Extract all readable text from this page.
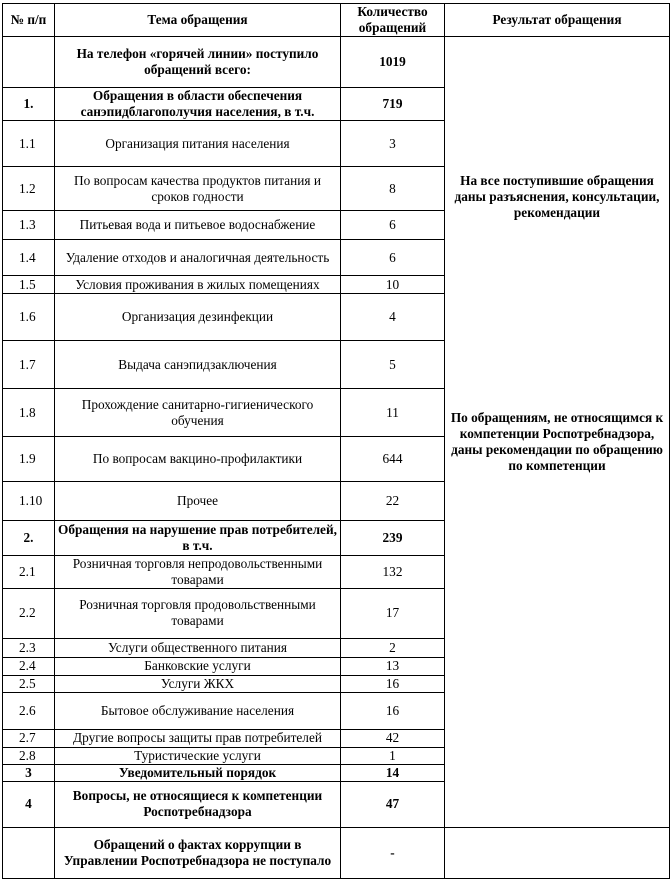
№ п/п	Тема обращения	Количество обращений	Результат обращения
	На телефон «горячей линии» поступило обращений всего:	1019	На все поступившие обращения даны разъяснения, консультации, рекомендации
По обращениям, не относящимся к компетенции Роспотребнадзора, даны рекомендации по обращению по компетенции

1.	Обращения в области обеспечения санэпидблагополучия населения, в т.ч.	719	
1.1	Организация питания населения	3	
1.2	По вопросам качества продуктов питания и сроков годности	8	
1.3	Питьевая вода и питьевое водоснабжение	6	
1.4	Удаление отходов и аналогичная деятельность	6	
1.5	Условия проживания в жилых помещениях	10	
1.6	Организация дезинфекции	4	
1.7	Выдача санэпидзаключения	5	
1.8	Прохождение санитарно-гигиенического обучения	11	
1.9	По вопросам вакцино-профилактики	644	
1.10	Прочее	22	
2.	Обращения на нарушение прав потребителей, в т.ч.	239	
2.1	Розничная торговля непродовольственными товарами	132	
2.2	Розничная торговля продовольственными товарами	17	
2.3	Услуги общественного питания	2	
2.4	Банковские услуги	13	
2.5	Услуги ЖКХ	16	
2.6	Бытовое обслуживание населения	16	
2.7	Другие вопросы защиты прав потребителей	42	
2.8	Туристические услуги	1	
3	Уведомительный порядок	14	
4	Вопросы, не относящиеся к компетенции Роспотребнадзора	47	
	Обращений о фактах коррупции в Управлении Роспотребнадзора не поступало	-	
